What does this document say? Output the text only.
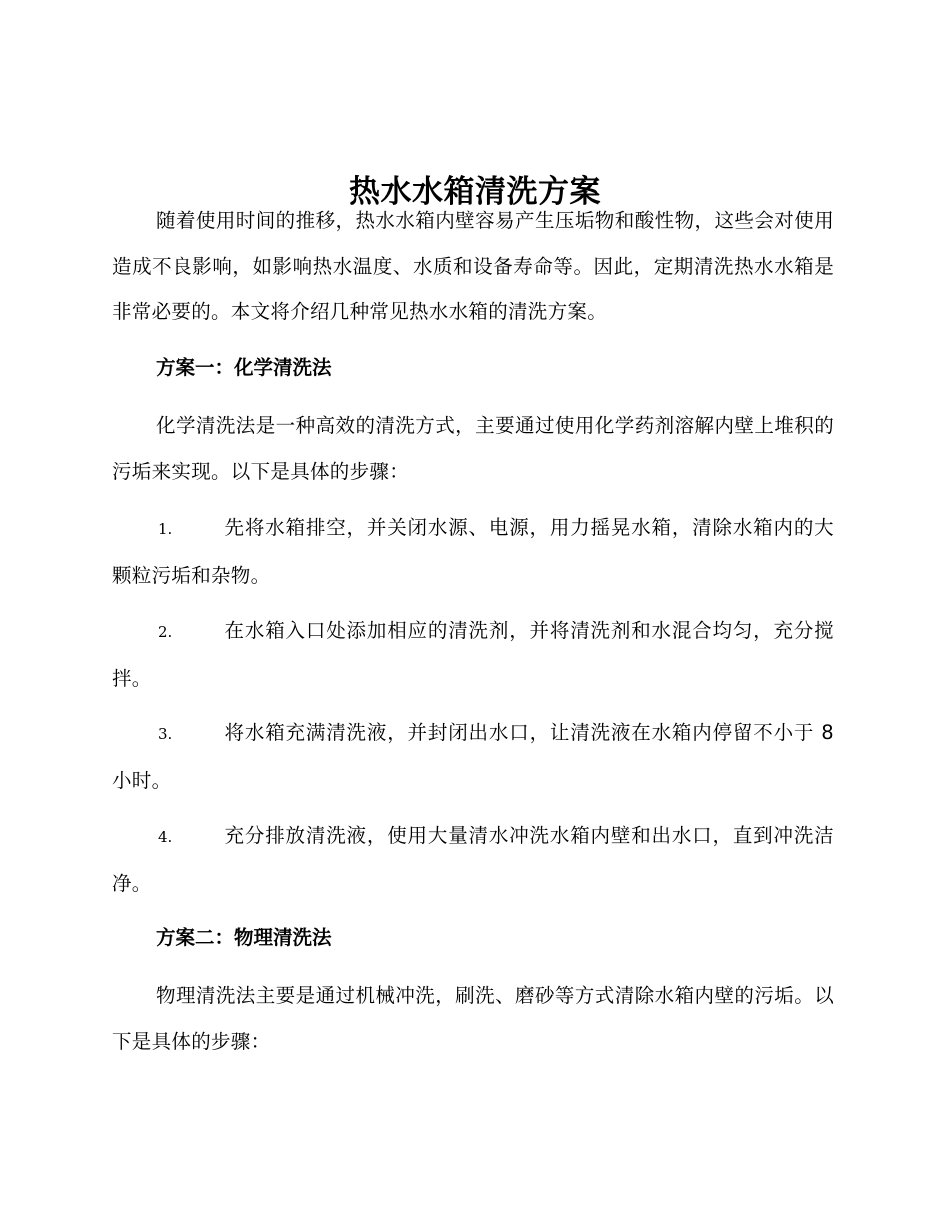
热水水箱清洗方案

随着使用时间的推移，热水水箱内壁容易产生压垢物和酸性物，这些会对使用造成不良影响，如影响热水温度、水质和设备寿命等。因此，定期清洗热水水箱是非常必要的。本文将介绍几种常见热水水箱的清洗方案。

方案一：化学清洗法

化学清洗法是一种高效的清洗方式，主要通过使用化学药剂溶解内壁上堆积的污垢来实现。以下是具体的步骤：

1.	先将水箱排空，并关闭水源、电源，用力摇晃水箱，清除水箱内的大颗粒污垢和杂物。

2.	在水箱入口处添加相应的清洗剂，并将清洗剂和水混合均匀，充分搅拌。

3.	将水箱充满清洗液，并封闭出水口，让清洗液在水箱内停留不小于 8 小时。

4.	充分排放清洗液，使用大量清水冲洗水箱内壁和出水口，直到冲洗洁净。

方案二：物理清洗法

物理清洗法主要是通过机械冲洗，刷洗、磨砂等方式清除水箱内壁的污垢。以下是具体的步骤：
